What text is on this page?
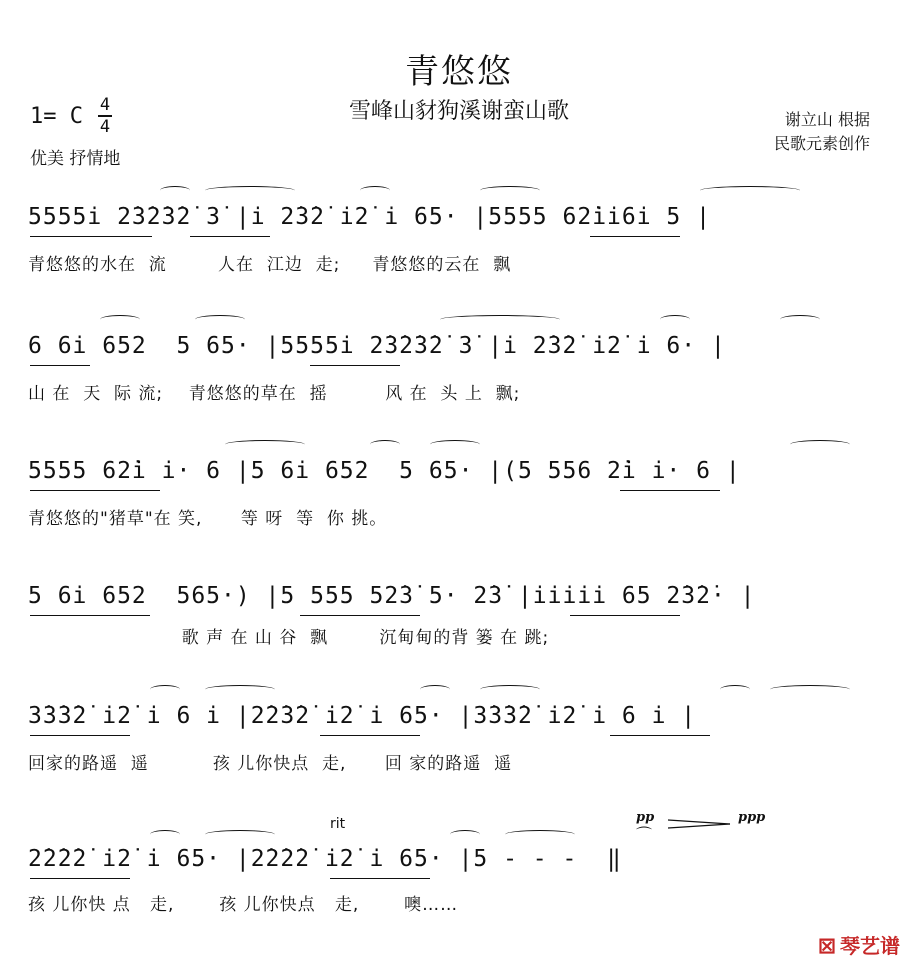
青悠悠
雪峰山豺狗溪谢蛮山歌
1= C 4
4
优美 抒情地
谢立山 根据
民歌元素创作
5555i 2̇3̇2̇3̇2̇ 3̇ |i 2̇3̇2̇ i2̇ i 65· |5555 62̇ii6i 5 |
青悠悠的水在  流        人在  江边  走;     青悠悠的云在  飘
6 6i 652  5 65· |5555i 2̇3̇2̇3̇2̇ 3̇ |i 2̇3̇2̇ i2̇ i 6· |
山 在  天  际 流;    青悠悠的草在  摇         风 在  头 上  飘;
5555 62̇i i· 6 |5 6i 652  5 65· |(5 556 2̇i i· 6 |
青悠悠的"猪草"在 笑,      等 呀  等  你 挑。
5 6i 652  565·) |5 555 52̇3̇ 5· 2̇3̇ |iiiii 65 2̇3̇2̇· |
歌 声 在 山 谷  飘        沉甸甸的背 篓 在 跳;
3̇3̇3̇2̇ i2̇ i 6 i |2̇2̇3̇2̇ i2̇ i 65· |3̇3̇3̇2̇ i2̇ i 6 i |
回家的路遥  遥          孩 儿你快点  走,      回 家的路遥  遥
rit	pp	ppp
⌒
2̇2̇2̇2̇ i2̇ i 65· |2̇2̇2̇2̇ i2̇ i 65· |5 - - -  ‖
孩 儿你快 点   走,       孩 儿你快点   走,       噢……
⊠ 琴艺谱
